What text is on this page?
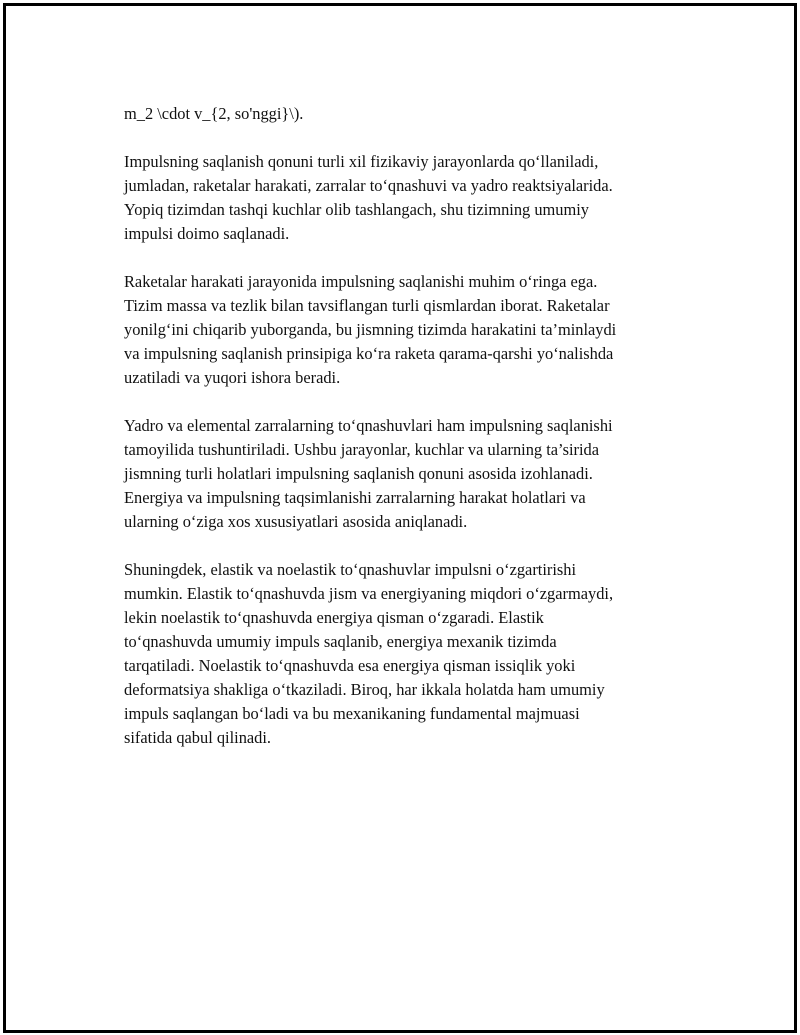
m_2 \cdot v_{2, so'nggi}\).

Impulsning saqlanish qonuni turli xil fizikaviy jarayonlarda qo‘llaniladi,
jumladan, raketalar harakati, zarralar to‘qnashuvi va yadro reaktsiyalarida.
Yopiq tizimdan tashqi kuchlar olib tashlangach, shu tizimning umumiy
impulsi doimo saqlanadi.

Raketalar harakati jarayonida impulsning saqlanishi muhim o‘ringa ega.
Tizim massa va tezlik bilan tavsiflangan turli qismlardan iborat. Raketalar
yonilg‘ini chiqarib yuborganda, bu jismning tizimda harakatini ta’minlaydi
va impulsning saqlanish prinsipiga ko‘ra raketa qarama-qarshi yo‘nalishda
uzatiladi va yuqori ishora beradi.

Yadro va elemental zarralarning to‘qnashuvlari ham impulsning saqlanishi
tamoyilida tushuntiriladi. Ushbu jarayonlar, kuchlar va ularning ta’sirida
jismning turli holatlari impulsning saqlanish qonuni asosida izohlanadi.
Energiya va impulsning taqsimlanishi zarralarning harakat holatlari va
ularning o‘ziga xos xususiyatlari asosida aniqlanadi.

Shuningdek, elastik va noelastik to‘qnashuvlar impulsni o‘zgartirishi
mumkin. Elastik to‘qnashuvda jism va energiyaning miqdori o‘zgarmaydi,
lekin noelastik to‘qnashuvda energiya qisman o‘zgaradi. Elastik
to‘qnashuvda umumiy impuls saqlanib, energiya mexanik tizimda
tarqatiladi. Noelastik to‘qnashuvda esa energiya qisman issiqlik yoki
deformatsiya shakliga o‘tkaziladi. Biroq, har ikkala holatda ham umumiy
impuls saqlangan bo‘ladi va bu mexanikaning fundamental majmuasi
sifatida qabul qilinadi.
